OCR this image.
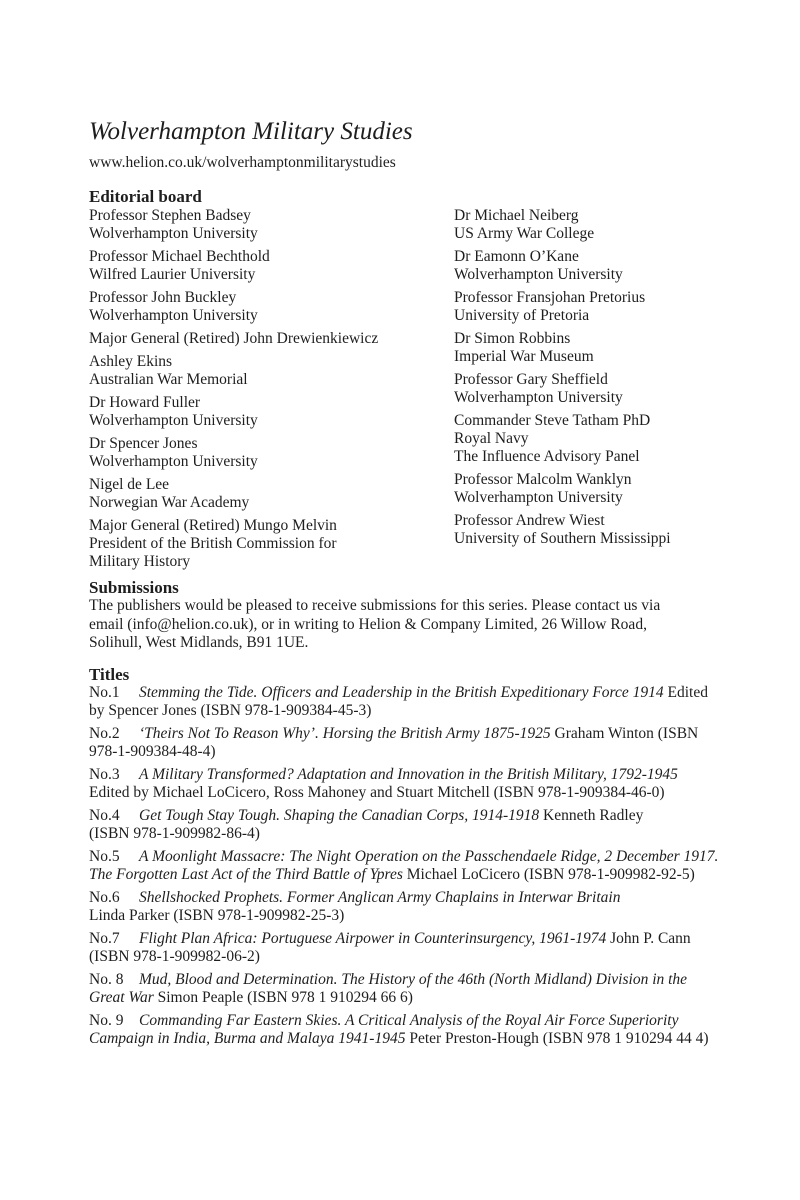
Wolverhampton Military Studies
www.helion.co.uk/wolverhamptonmilitarystudies
Editorial board
Professor Stephen Badsey
Wolverhampton University
Professor Michael Bechthold
Wilfred Laurier University
Professor John Buckley
Wolverhampton University
Major General (Retired) John Drewienkiewicz
Ashley Ekins
Australian War Memorial
Dr Howard Fuller
Wolverhampton University
Dr Spencer Jones
Wolverhampton University
Nigel de Lee
Norwegian War Academy
Major General (Retired) Mungo Melvin
President of the British Commission for
Military History
Dr Michael Neiberg
US Army War College
Dr Eamonn O’Kane
Wolverhampton University
Professor Fransjohan Pretorius
University of Pretoria
Dr Simon Robbins
Imperial War Museum
Professor Gary Sheffield
Wolverhampton University
Commander Steve Tatham PhD
Royal Navy
The Influence Advisory Panel
Professor Malcolm Wanklyn
Wolverhampton University
Professor Andrew Wiest
University of Southern Mississippi
Submissions

The publishers would be pleased to receive submissions for this series. Please contact us via
email (info@helion.co.uk), or in writing to Helion & Company Limited, 26 Willow Road,
Solihull, West Midlands, B91 1UE.

Titles
No.1 Stemming the Tide. Officers and Leadership in the British Expeditionary Force 1914 Edited
by Spencer Jones (ISBN 978-1-909384-45-3)
No.2 ‘Theirs Not To Reason Why’. Horsing the British Army 1875-1925 Graham Winton (ISBN
978-1-909384-48-4)
No.3 A Military Transformed? Adaptation and Innovation in the British Military, 1792-1945
Edited by Michael LoCicero, Ross Mahoney and Stuart Mitchell (ISBN 978-1-909384-46-0)
No.4 Get Tough Stay Tough. Shaping the Canadian Corps, 1914-1918 Kenneth Radley
(ISBN 978-1-909982-86-4)
No.5 A Moonlight Massacre: The Night Operation on the Passchendaele Ridge, 2 December 1917.
The Forgotten Last Act of the Third Battle of Ypres Michael LoCicero (ISBN 978-1-909982-92-5)
No.6 Shellshocked Prophets. Former Anglican Army Chaplains in Interwar Britain
Linda Parker (ISBN 978-1-909982-25-3)
No.7 Flight Plan Africa: Portuguese Airpower in Counterinsurgency, 1961-1974 John P. Cann
(ISBN 978-1-909982-06-2)
No. 8 Mud, Blood and Determination. The History of the 46th (North Midland) Division in the
Great War Simon Peaple (ISBN 978 1 910294 66 6)
No. 9 Commanding Far Eastern Skies. A Critical Analysis of the Royal Air Force Superiority
Campaign in India, Burma and Malaya 1941-1945 Peter Preston-Hough (ISBN 978 1 910294 44 4)
